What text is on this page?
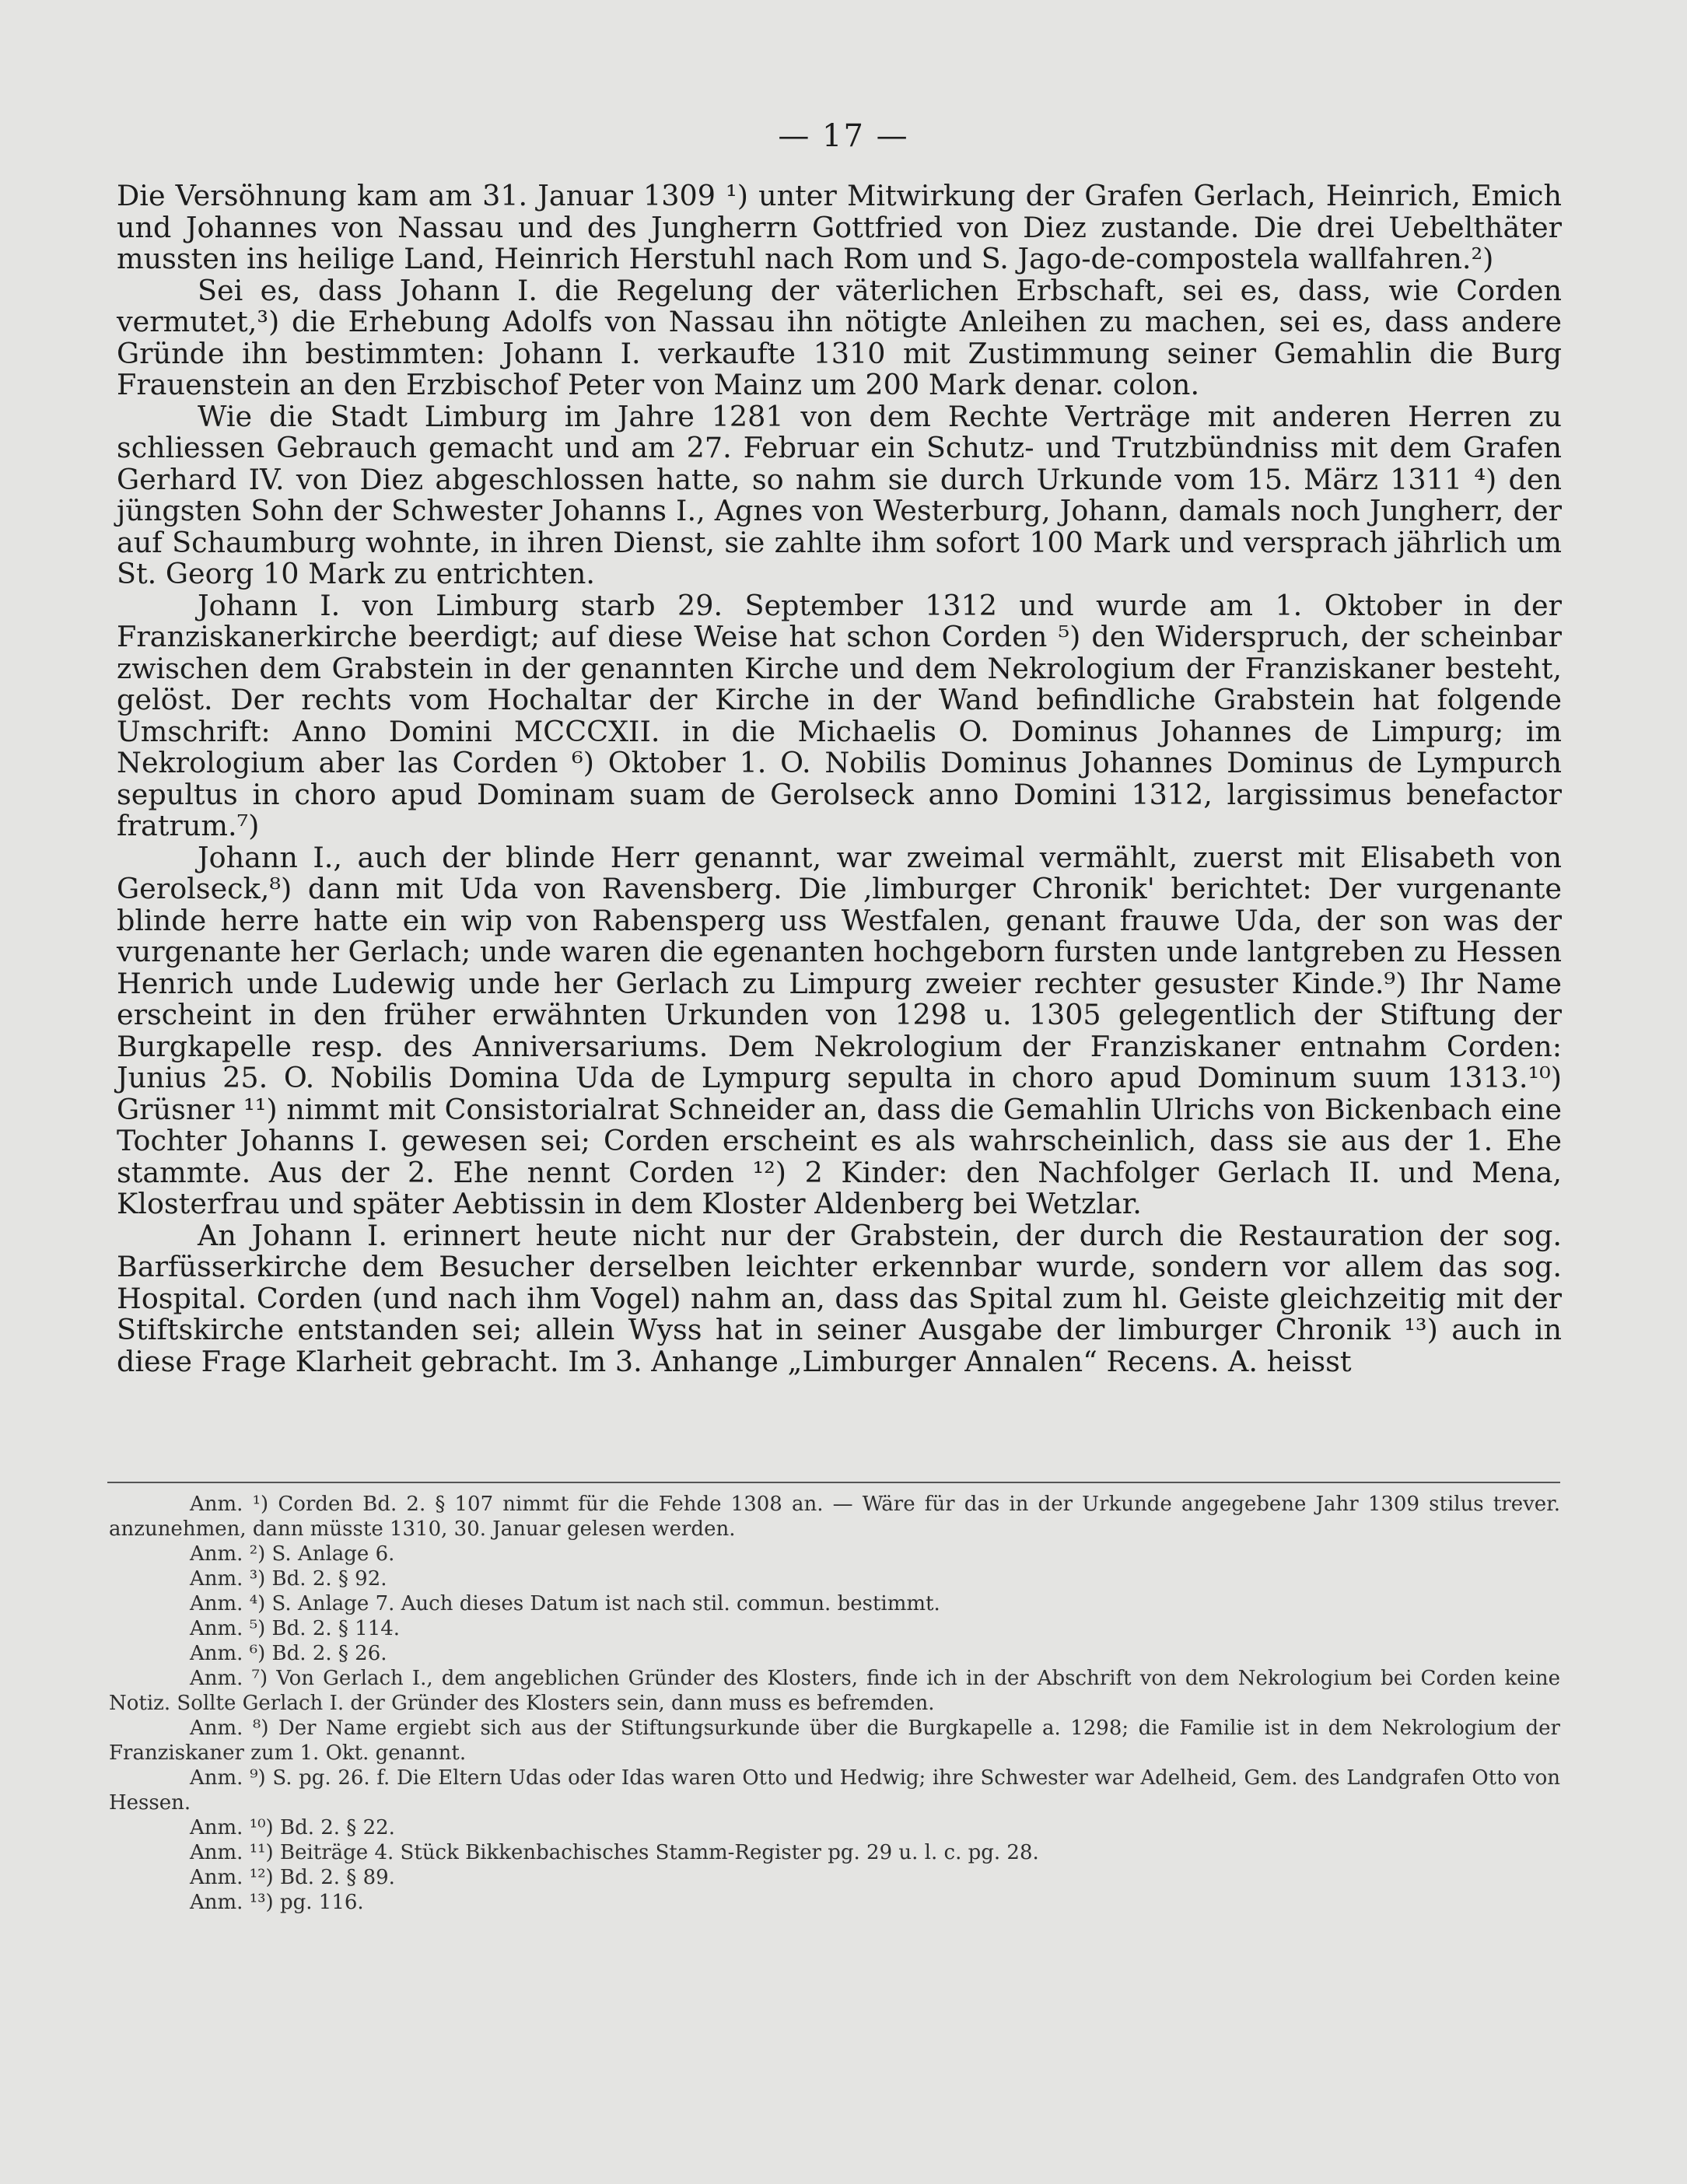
— 17 —

Die Versöhnung kam am 31. Januar 1309 ¹) unter Mitwirkung der Grafen Gerlach, Heinrich, Emich und Johannes von Nassau und des Jungherrn Gottfried von Diez zustande. Die drei Uebelthäter mussten ins heilige Land, Heinrich Herstuhl nach Rom und S. Jago-de-compostela wallfahren.²)

Sei es, dass Johann I. die Regelung der väterlichen Erbschaft, sei es, dass, wie Corden vermutet,³) die Erhebung Adolfs von Nassau ihn nötigte Anleihen zu machen, sei es, dass andere Gründe ihn bestimmten: Johann I. verkaufte 1310 mit Zustimmung seiner Gemahlin die Burg Frauenstein an den Erzbischof Peter von Mainz um 200 Mark denar. colon.

Wie die Stadt Limburg im Jahre 1281 von dem Rechte Verträge mit anderen Herren zu schliessen Gebrauch gemacht und am 27. Februar ein Schutz- und Trutzbündniss mit dem Grafen Gerhard IV. von Diez abgeschlossen hatte, so nahm sie durch Urkunde vom 15. März 1311 ⁴) den jüngsten Sohn der Schwester Johanns I., Agnes von Westerburg, Johann, damals noch Jungherr, der auf Schaumburg wohnte, in ihren Dienst, sie zahlte ihm sofort 100 Mark und versprach jährlich um St. Georg 10 Mark zu entrichten.

Johann I. von Limburg starb 29. September 1312 und wurde am 1. Oktober in der Franziskanerkirche beerdigt; auf diese Weise hat schon Corden ⁵) den Widerspruch, der scheinbar zwischen dem Grabstein in der genannten Kirche und dem Nekrologium der Franziskaner besteht, gelöst. Der rechts vom Hochaltar der Kirche in der Wand befindliche Grabstein hat folgende Umschrift: Anno Domini MCCCXII. in die Michaelis O. Dominus Johannes de Limpurg; im Nekrologium aber las Corden ⁶) Oktober 1. O. Nobilis Dominus Johannes Dominus de Lympurch sepultus in choro apud Dominam suam de Gerolseck anno Domini 1312, largissimus benefactor fratrum.⁷)

Johann I., auch der blinde Herr genannt, war zweimal vermählt, zuerst mit Elisabeth von Gerolseck,⁸) dann mit Uda von Ravensberg. Die ‚limburger Chronik' berichtet: Der vurgenante blinde herre hatte ein wip von Rabensperg uss Westfalen, genant frauwe Uda, der son was der vurgenante her Gerlach; unde waren die egenanten hochgeborn fursten unde lantgreben zu Hessen Henrich unde Ludewig unde her Gerlach zu Limpurg zweier rechter gesuster Kinde.⁹) Ihr Name erscheint in den früher erwähnten Urkunden von 1298 u. 1305 gelegentlich der Stiftung der Burgkapelle resp. des Anniversariums. Dem Nekrologium der Franziskaner entnahm Corden: Junius 25. O. Nobilis Domina Uda de Lympurg sepulta in choro apud Dominum suum 1313.¹⁰) Grüsner ¹¹) nimmt mit Consistorialrat Schneider an, dass die Gemahlin Ulrichs von Bickenbach eine Tochter Johanns I. gewesen sei; Corden erscheint es als wahrscheinlich, dass sie aus der 1. Ehe stammte. Aus der 2. Ehe nennt Corden ¹²) 2 Kinder: den Nachfolger Gerlach II. und Mena, Klosterfrau und später Aebtissin in dem Kloster Aldenberg bei Wetzlar.

An Johann I. erinnert heute nicht nur der Grabstein, der durch die Restauration der sog. Barfüsserkirche dem Besucher derselben leichter erkennbar wurde, sondern vor allem das sog. Hospital. Corden (und nach ihm Vogel) nahm an, dass das Spital zum hl. Geiste gleichzeitig mit der Stiftskirche entstanden sei; allein Wyss hat in seiner Ausgabe der limburger Chronik ¹³) auch in diese Frage Klarheit gebracht. Im 3. Anhange „Limburger Annalen“ Recens. A. heisst

Anm. ¹) Corden Bd. 2. § 107 nimmt für die Fehde 1308 an. — Wäre für das in der Urkunde angegebene Jahr 1309 stilus trever. anzunehmen, dann müsste 1310, 30. Januar gelesen werden.

Anm. ²) S. Anlage 6.

Anm. ³) Bd. 2. § 92.

Anm. ⁴) S. Anlage 7. Auch dieses Datum ist nach stil. commun. bestimmt.

Anm. ⁵) Bd. 2. § 114.

Anm. ⁶) Bd. 2. § 26.

Anm. ⁷) Von Gerlach I., dem angeblichen Gründer des Klosters, finde ich in der Abschrift von dem Nekrologium bei Corden keine Notiz. Sollte Gerlach I. der Gründer des Klosters sein, dann muss es befremden.

Anm. ⁸) Der Name ergiebt sich aus der Stiftungsurkunde über die Burgkapelle a. 1298; die Familie ist in dem Nekrologium der Franziskaner zum 1. Okt. genannt.

Anm. ⁹) S. pg. 26. f. Die Eltern Udas oder Idas waren Otto und Hedwig; ihre Schwester war Adelheid, Gem. des Landgrafen Otto von Hessen.

Anm. ¹⁰) Bd. 2. § 22.

Anm. ¹¹) Beiträge 4. Stück Bikkenbachisches Stamm-Register pg. 29 u. l. c. pg. 28.

Anm. ¹²) Bd. 2. § 89.

Anm. ¹³) pg. 116.
